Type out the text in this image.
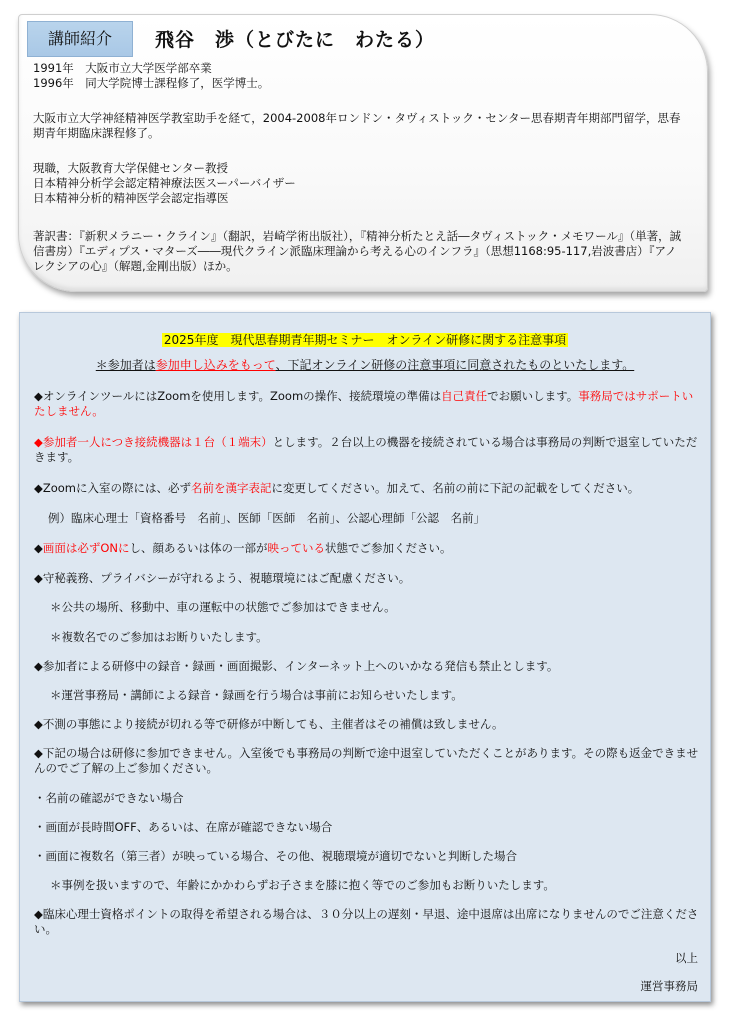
講師紹介	飛谷　渉（とびたに　わたる）
1991年　大阪市立大学医学部卒業
1996年　同大学院博士課程修了，医学博士。
大阪市立大学神経精神医学教室助手を経て，2004-2008年ロンドン・タヴィストック・センター思春期青年期部門留学，思春期青年期臨床課程修了。
現職，大阪教育大学保健センター教授
日本精神分析学会認定精神療法医スーパーバイザー
日本精神分析的精神医学会認定指導医
著訳書：『新釈メラニー・クライン』（翻訳，岩崎学術出版社），『精神分析たとえ話―タヴィストック・メモワール』（単著，誠信書房）『エディプス・マターズ――現代クライン派臨床理論から考える心のインフラ』（思想1168:95-117,岩波書店）『アノレクシアの心』（解題,金剛出版）ほか。
2025年度　現代思春期青年期セミナー　オンライン研修に関する注意事項
＊参加者は参加申し込みをもって、下記オンライン研修の注意事項に同意されたものといたします。
◆オンラインツールにはZoomを使用します。Zoomの操作、接続環境の準備は自己責任でお願いします。事務局ではサポートいたしません。
◆参加者一人につき接続機器は１台（１端末）とします。２台以上の機器を接続されている場合は事務局の判断で退室していただきます。
◆Zoomに入室の際には、必ず名前を漢字表記に変更してください。加えて、名前の前に下記の記載をしてください。
例）臨床心理士「資格番号　名前」、医師「医師　名前」、公認心理師「公認　名前」
◆画面は必ずONにし、顔あるいは体の一部が映っている状態でご参加ください。
◆守秘義務、プライバシーが守れるよう、視聴環境にはご配慮ください。
＊公共の場所、移動中、車の運転中の状態でご参加はできません。
＊複数名でのご参加はお断りいたします。
◆参加者による研修中の録音・録画・画面撮影、インターネット上へのいかなる発信も禁止とします。
＊運営事務局・講師による録音・録画を行う場合は事前にお知らせいたします。
◆不測の事態により接続が切れる等で研修が中断しても、主催者はその補償は致しません。
◆下記の場合は研修に参加できません。入室後でも事務局の判断で途中退室していただくことがあります。その際も返金できませんのでご了解の上ご参加ください。
・名前の確認ができない場合
・画面が長時間OFF、あるいは、在席が確認できない場合
・画面に複数名（第三者）が映っている場合、その他、視聴環境が適切でないと判断した場合
＊事例を扱いますので、年齢にかかわらずお子さまを膝に抱く等でのご参加もお断りいたします。
◆臨床心理士資格ポイントの取得を希望される場合は、３０分以上の遅刻・早退、途中退席は出席になりませんのでご注意ください。
以上
運営事務局
